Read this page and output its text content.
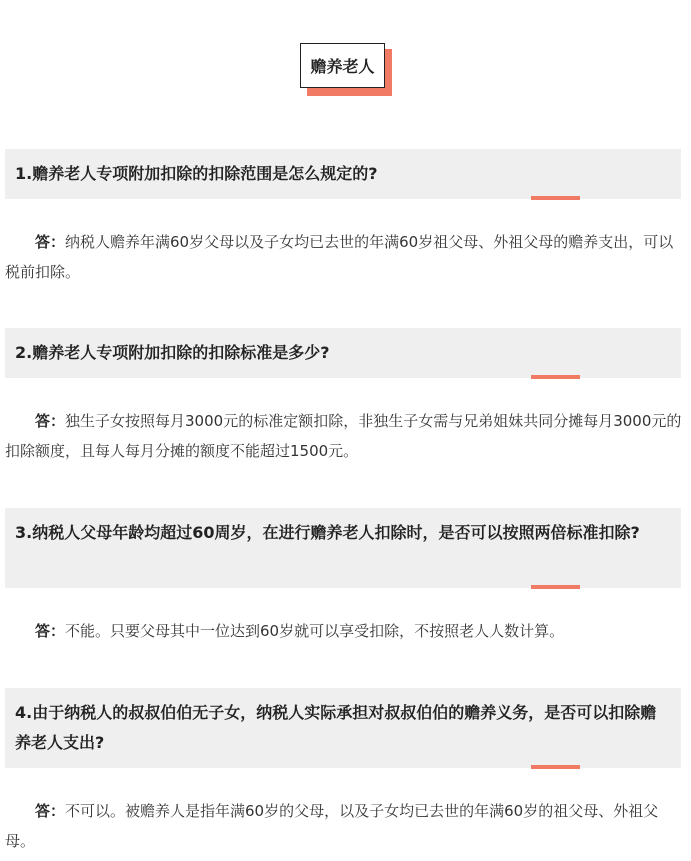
赡养老人
1.赡养老人专项附加扣除的扣除范围是怎么规定的?

答：纳税人赡养年满60岁父母以及子女均已去世的年满60岁祖父母、外祖父母的赡养支出，可以税前扣除。

2.赡养老人专项附加扣除的扣除标准是多少?

答：独生子女按照每月3000元的标准定额扣除，非独生子女需与兄弟姐妹共同分摊每月3000元的扣除额度，且每人每月分摊的额度不能超过1500元。

3.纳税人父母年龄均超过60周岁，在进行赡养老人扣除时，是否可以按照两倍标准扣除?

答：不能。只要父母其中一位达到60岁就可以享受扣除，不按照老人人数计算。

4.由于纳税人的叔叔伯伯无子女，纳税人实际承担对叔叔伯伯的赡养义务，是否可以扣除赡养老人支出?

答：不可以。被赡养人是指年满60岁的父母，以及子女均已去世的年满60岁的祖父母、外祖父母。
